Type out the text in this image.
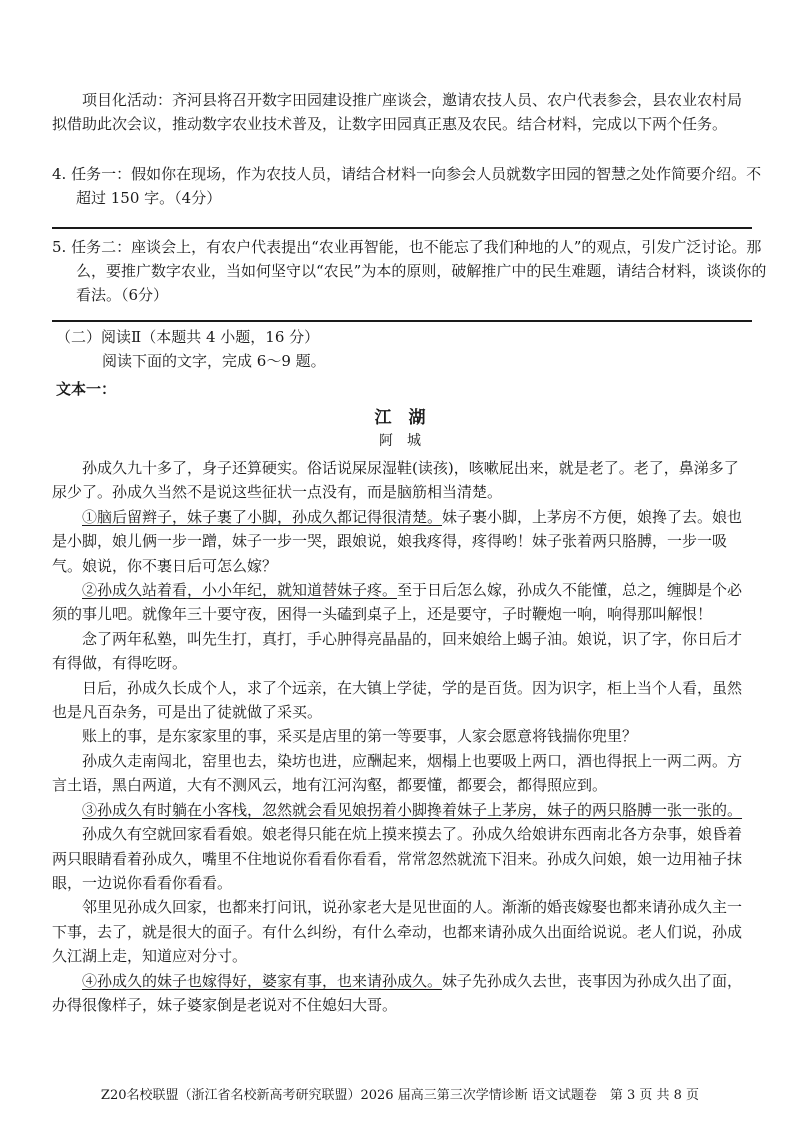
项目化活动：齐河县将召开数字田园建设推广座谈会，邀请农技人员、农户代表参会，县农业农村局拟借助此次会议，推动数字农业技术普及，让数字田园真正惠及农民。结合材料，完成以下两个任务。
4. 任务一：假如你在现场，作为农技人员，请结合材料一向参会人员就数字田园的智慧之处作简要介绍。不超过 150 字。（4分）
5. 任务二：座谈会上，有农户代表提出“农业再智能，也不能忘了我们种地的人”的观点，引发广泛讨论。那么，要推广数字农业，当如何坚守以“农民”为本的原则，破解推广中的民生难题，请结合材料，谈谈你的看法。（6分）
（二）阅读Ⅱ（本题共 4 小题，16 分）
阅读下面的文字，完成 6～9 题。
文本一：
江　湖
阿　城

孙成久九十多了，身子还算硬实。俗话说屎尿湿鞋(读孩)，咳嗽屁出来，就是老了。老了，鼻涕多了尿少了。孙成久当然不是说这些征状一点没有，而是脑筋相当清楚。

①脑后留辫子，妹子裹了小脚，孙成久都记得很清楚。妹子裹小脚，上茅房不方便，娘搀了去。娘也是小脚，娘儿俩一步一蹭，妹子一步一哭，跟娘说，娘我疼得，疼得哟！妹子张着两只胳膊，一步一吸气。娘说，你不裹日后可怎么嫁？

②孙成久站着看，小小年纪，就知道替妹子疼。至于日后怎么嫁，孙成久不能懂，总之，缠脚是个必须的事儿吧。就像年三十要守夜，困得一头磕到桌子上，还是要守，子时鞭炮一响，响得那叫解恨！

念了两年私塾，叫先生打，真打，手心肿得亮晶晶的，回来娘给上蝎子油。娘说，识了字，你日后才有得做，有得吃呀。

日后，孙成久长成个人，求了个远亲，在大镇上学徒，学的是百货。因为识字，柜上当个人看，虽然也是凡百杂务，可是出了徒就做了采买。

账上的事，是东家家里的事，采买是店里的第一等要事，人家会愿意将钱揣你兜里？

孙成久走南闯北，窑里也去，染坊也进，应酬起来，烟榻上也要吸上两口，酒也得抿上一两二两。方言土语，黑白两道，大有不测风云，地有江河沟壑，都要懂，都要会，都得照应到。

③孙成久有时躺在小客栈，忽然就会看见娘拐着小脚搀着妹子上茅房，妹子的两只胳膊一张一张的。

孙成久有空就回家看看娘。娘老得只能在炕上摸来摸去了。孙成久给娘讲东西南北各方杂事，娘昏着两只眼睛看着孙成久，嘴里不住地说你看看你看看，常常忽然就流下泪来。孙成久问娘，娘一边用袖子抹眼，一边说你看看你看看。

邻里见孙成久回家，也都来打问讯，说孙家老大是见世面的人。渐渐的婚丧嫁娶也都来请孙成久主一下事，去了，就是很大的面子。有什么纠纷，有什么牵动，也都来请孙成久出面给说说。老人们说，孙成久江湖上走，知道应对分寸。

④孙成久的妹子也嫁得好，婆家有事，也来请孙成久。妹子先孙成久去世，丧事因为孙成久出了面，办得很像样子，妹子婆家倒是老说对不住媳妇大哥。

Z20名校联盟（浙江省名校新高考研究联盟）2026 届高三第三次学情诊断 语文试题卷　第 3 页 共 8 页
